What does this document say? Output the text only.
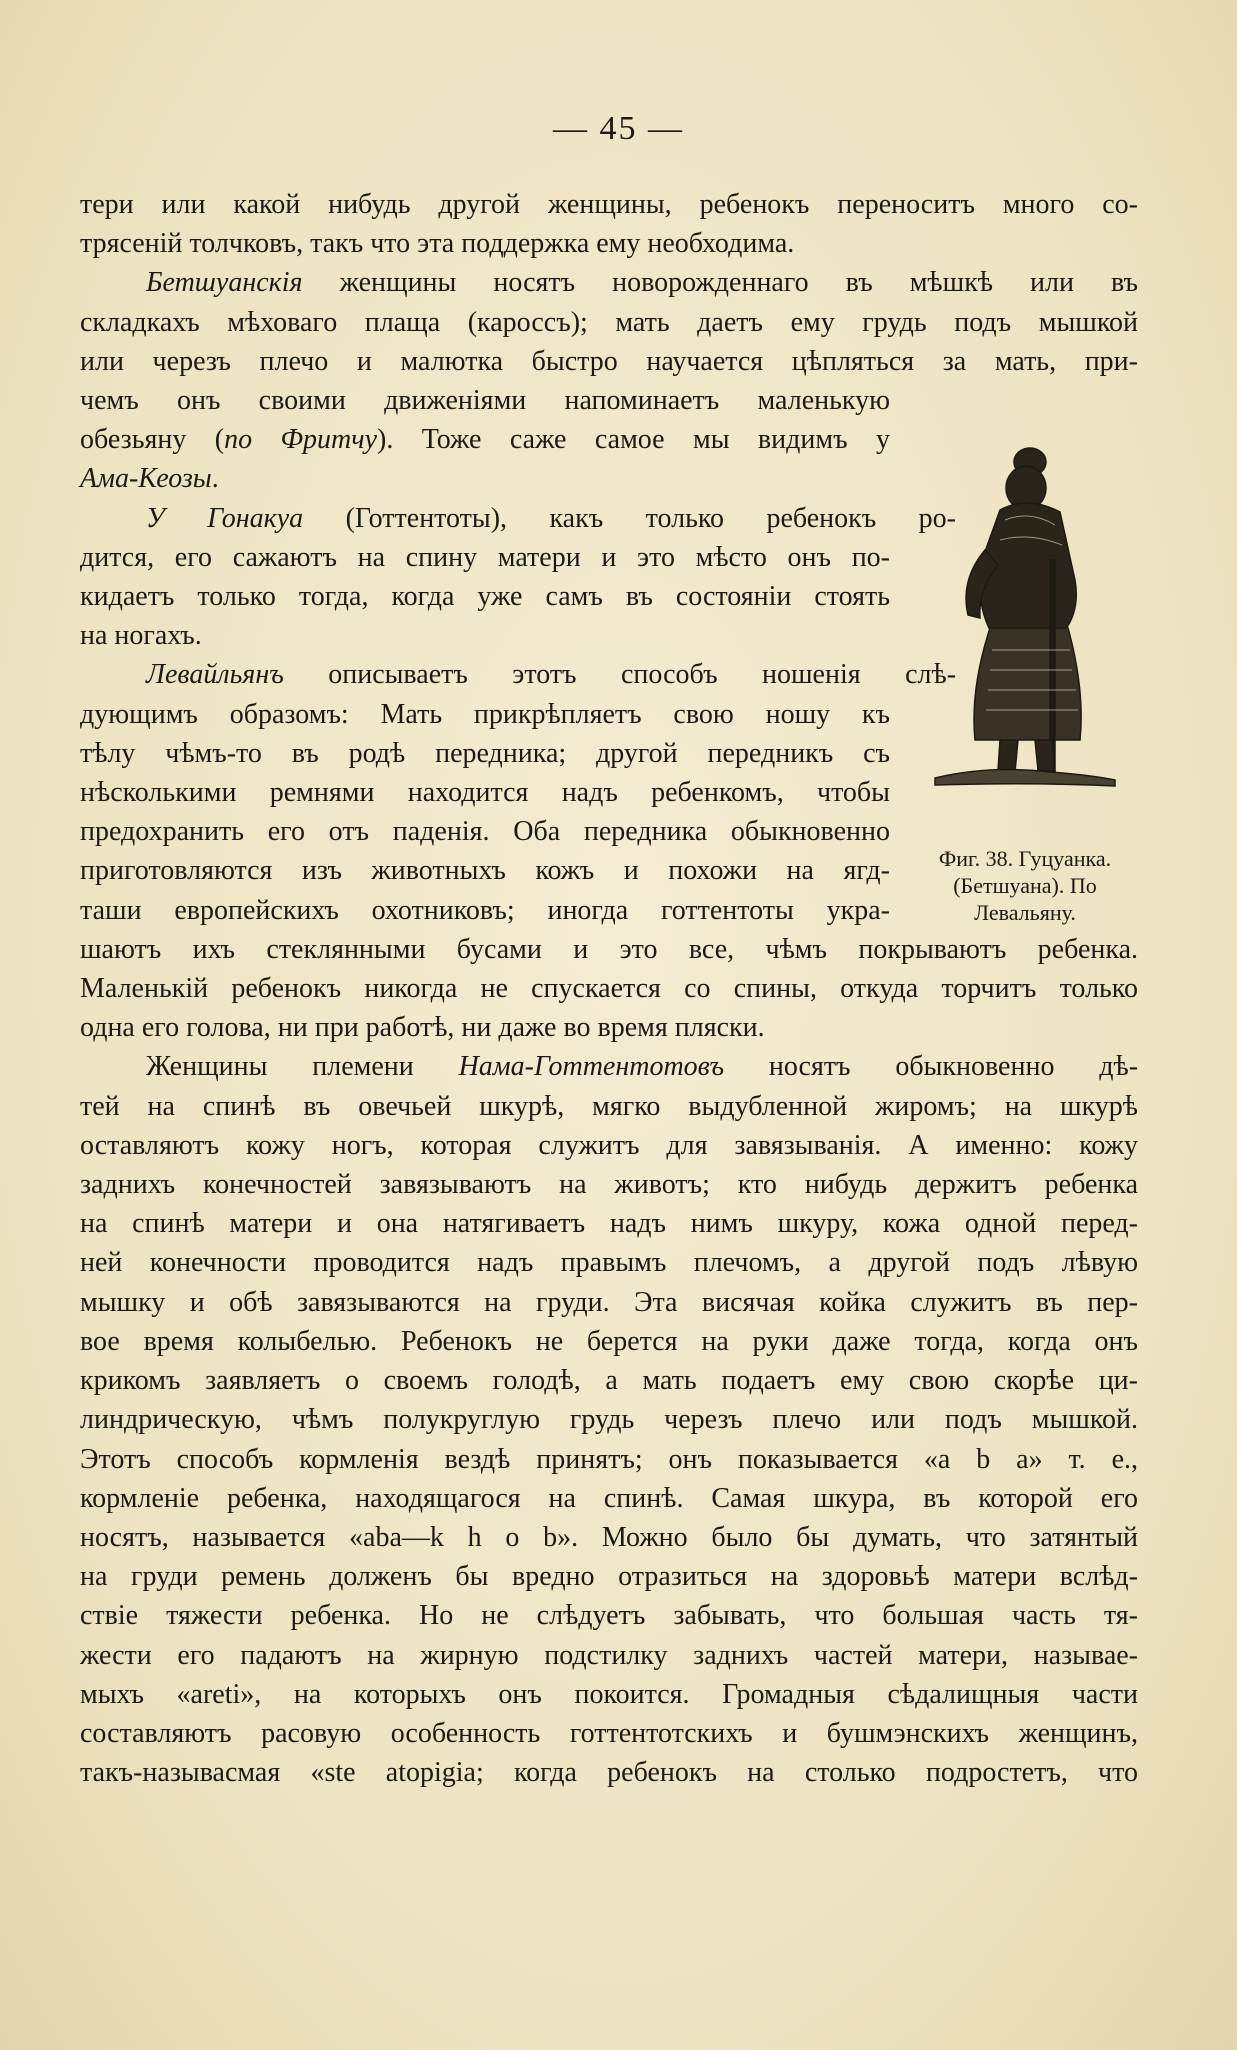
— 45 —
тери или какой нибудь другой женщины, ребенокъ переноситъ много со-
трясеній толчковъ, такъ что эта поддержка ему необходима.
Бетшуанскія женщины носятъ новорожденнаго въ мѣшкѣ или въ
складкахъ мѣховаго плаща (кароссъ); мать даетъ ему грудь подъ мышкой
или черезъ плечо и малютка быстро научается цѣпляться за мать, при-
чемъ онъ своими движеніями напоминаетъ маленькую
обезьяну (по Фритчу). Тоже саже самое мы видимъ у
Ама-Кеозы.
У Гонакуа (Готтентоты), какъ только ребенокъ ро-
дится, его сажаютъ на спину матери и это мѣсто онъ по-
кидаетъ только тогда, когда уже самъ въ состояніи стоять
на ногахъ.
Левайльянъ описываетъ этотъ способъ ношенія слѣ-
дующимъ образомъ: Мать прикрѣпляетъ свою ношу къ
тѣлу чѣмъ-то въ родѣ передника; другой передникъ съ
нѣсколькими ремнями находится надъ ребенкомъ, чтобы
предохранить его отъ паденія. Оба передника обыкновенно
приготовляются изъ животныхъ кожъ и похожи на ягд-
таши европейскихъ охотниковъ; иногда готтентоты укра-
шаютъ ихъ стеклянными бусами и это все, чѣмъ покрываютъ ребенка.
Маленькій ребенокъ никогда не спускается со спины, откуда торчитъ только
одна его голова, ни при работѣ, ни даже во время пляски.
Женщины племени Нама-Готтентотовъ носятъ обыкновенно дѣ-
тей на спинѣ въ овечьей шкурѣ, мягко выдубленной жиромъ; на шкурѣ
оставляютъ кожу ногъ, которая служитъ для завязыванія. А именно: кожу
заднихъ конечностей завязываютъ на животъ; кто нибудь держитъ ребенка
на спинѣ матери и она натягиваетъ надъ нимъ шкуру, кожа одной перед-
ней конечности проводится надъ правымъ плечомъ, а другой подъ лѣвую
мышку и обѣ завязываются на груди. Эта висячая койка служитъ въ пер-
вое время колыбелью. Ребенокъ не берется на руки даже тогда, когда онъ
крикомъ заявляетъ о своемъ голодѣ, а мать подаетъ ему свою скорѣе ци-
линдрическую, чѣмъ полукруглую грудь черезъ плечо или подъ мышкой.
Этотъ способъ кормленія вездѣ принятъ; онъ показывается «a b a» т. е.,
кормленіе ребенка, находящагося на спинѣ. Самая шкура, въ которой его
носятъ, называется «aba—k h o b». Можно было бы думать, что затянтый
на груди ремень долженъ бы вредно отразиться на здоровьѣ матери вслѣд-
ствіе тяжести ребенка. Но не слѣдуетъ забывать, что большая часть тя-
жести его падаютъ на жирную подстилку заднихъ частей матери, называе-
мыхъ «areti», на которыхъ онъ покоится. Громадныя сѣдалищныя части
составляютъ расовую особенность готтентотскихъ и бушмэнскихъ женщинъ,
такъ-называсмая «ste atopigia; когда ребенокъ на столько подростетъ, что
Фиг. 38. Гуцуанка. (Бетшуана). По Левальяну.
